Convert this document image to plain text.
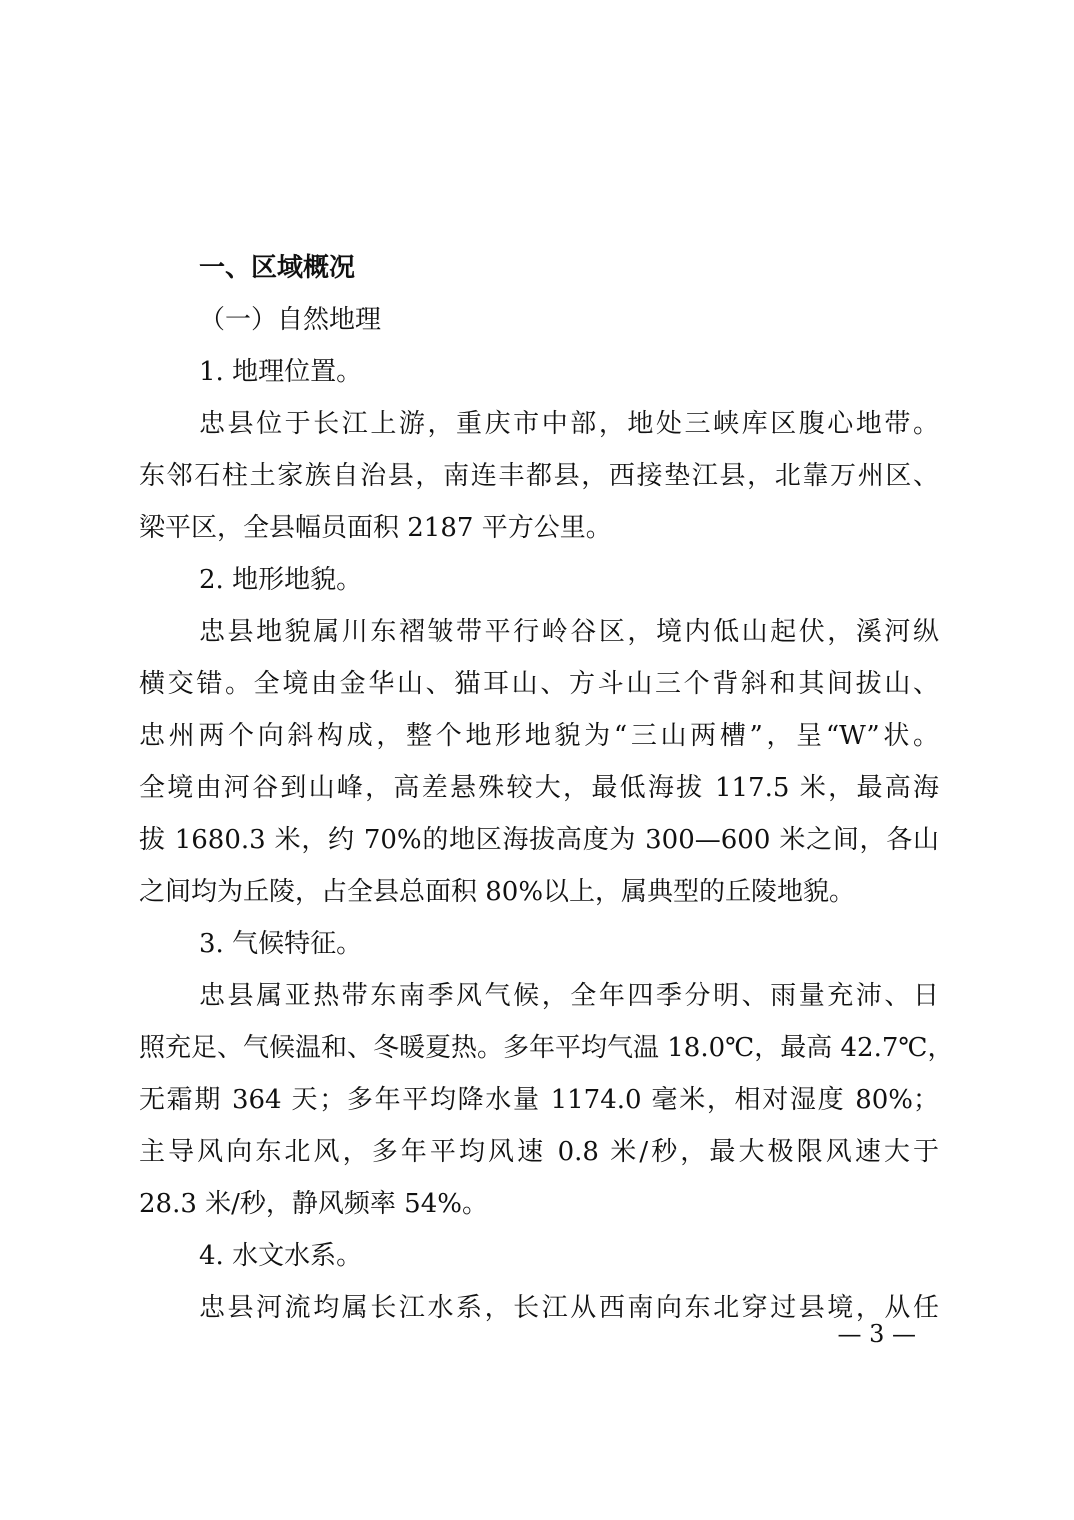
一、区域概况
（一）自然地理
1. 地理位置。
忠县位于长江上游，重庆市中部，地处三峡库区腹心地带。
东邻石柱土家族自治县，南连丰都县，西接垫江县，北靠万州区、
梁平区，全县幅员面积 2187 平方公里。
2. 地形地貌。
忠县地貌属川东褶皱带平行岭谷区，境内低山起伏，溪河纵
横交错。全境由金华山、猫耳山、方斗山三个背斜和其间拔山、
忠州两个向斜构成，整个地形地貌为“三山两槽”，呈“W”状。
全境由河谷到山峰，高差悬殊较大，最低海拔 117.5 米，最高海
拔 1680.3 米，约 70%的地区海拔高度为 300—600 米之间，各山
之间均为丘陵，占全县总面积 80%以上，属典型的丘陵地貌。
3. 气候特征。
忠县属亚热带东南季风气候，全年四季分明、雨量充沛、日
照充足、气候温和、冬暖夏热。多年平均气温 18.0℃，最高 42.7℃，
无霜期 364 天；多年平均降水量 1174.0 毫米，相对湿度 80%；
主导风向东北风，多年平均风速 0.8 米/秒，最大极限风速大于
28.3 米/秒，静风频率 54%。
4. 水文水系。
忠县河流均属长江水系，长江从西南向东北穿过县境，从任
— 3 —
